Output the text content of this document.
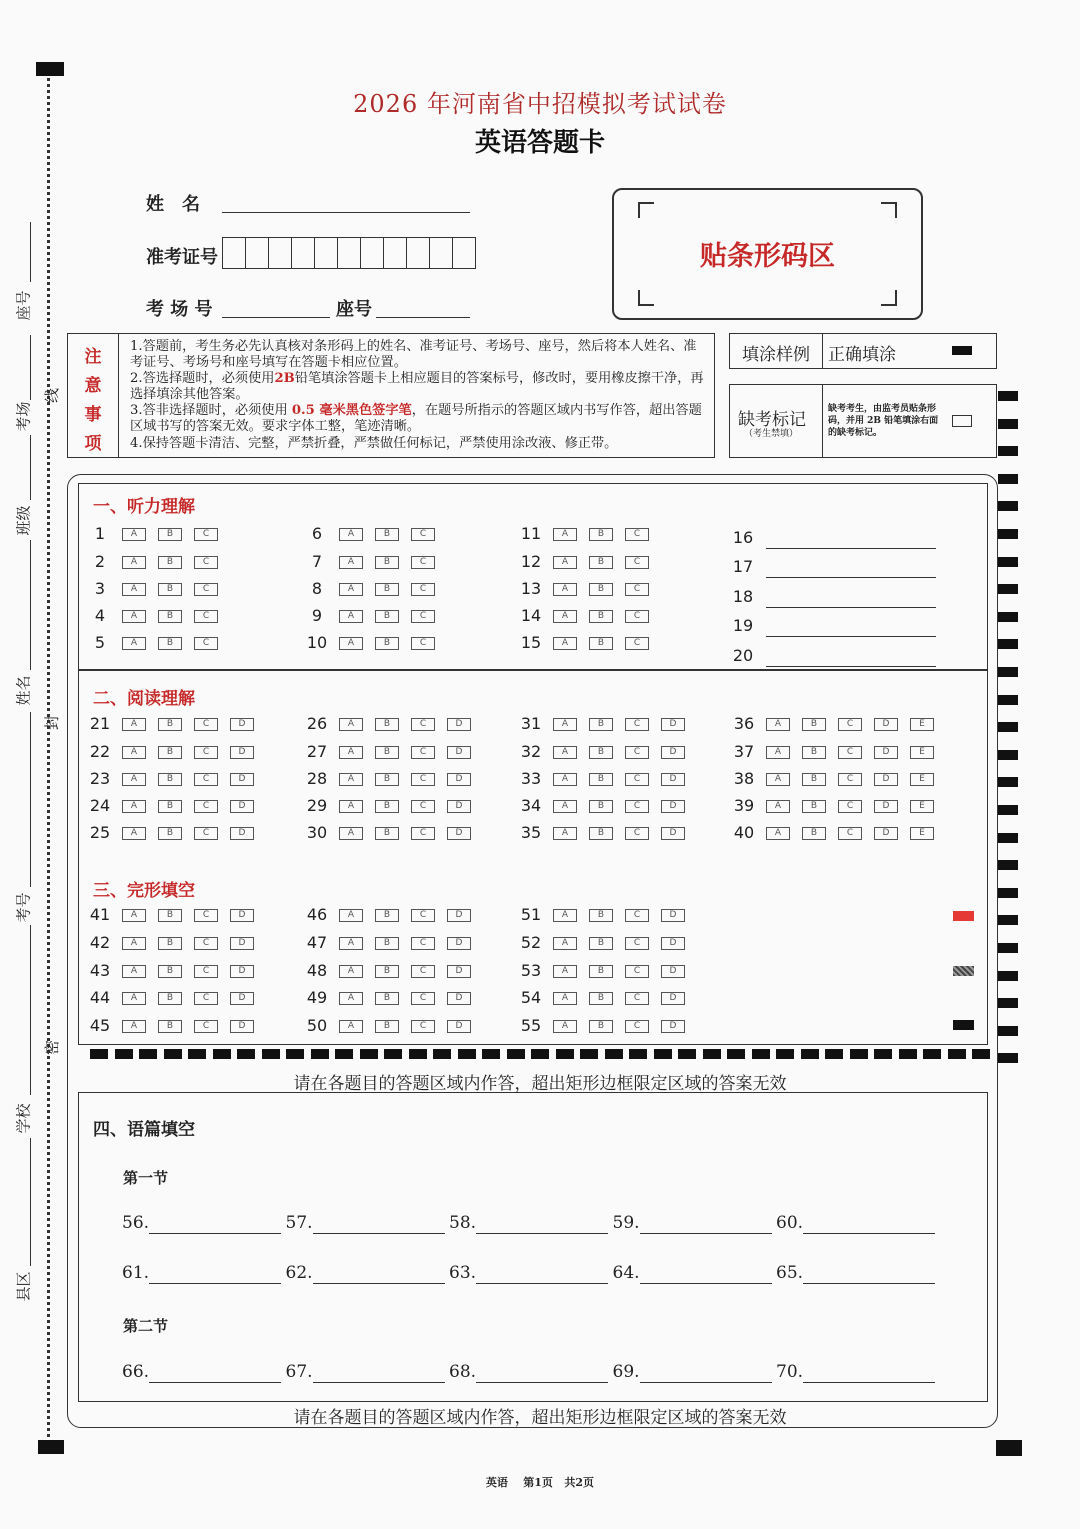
座号
考场
班级
姓名
考号
学校
县区
线
封
密
2026 年河南省中招模拟考试试卷
英语答题卡
姓　名
准考证号
考 场 号	座号
贴条形码区
注
意
事
项
1.答题前，考生务必先认真核对条形码上的姓名、准考证号、考场号、座号，然后将本人姓名、准考证号、考场号和座号填写在答题卡相应位置。
2.答选择题时，必须使用2B铅笔填涂答题卡上相应题目的答案标号，修改时，要用橡皮擦干净，再选择填涂其他答案。
3.答非选择题时，必须使用 0.5 毫米黑色签字笔，在题号所指示的答题区域内书写作答，超出答题区域书写的答案无效。要求字体工整，笔迹清晰。
4.保持答题卡清洁、完整，严禁折叠，严禁做任何标记，严禁使用涂改液、修正带。
填涂样例 正确填涂
缺考标记
（考生禁填）
缺考考生，由监考员贴条形码，并用 2B 铅笔填涂右面的缺考标记。
一、听力理解
二、阅读理解
三、完形填空
请在各题目的答题区域内作答，超出矩形边框限定区域的答案无效
四、语篇填空
第一节
第二节
56.	57.	58.	59.	60.
61.	62.	63.	64.	65.
66.	67.	68.	69.	70.
请在各题目的答题区域内作答，超出矩形边框限定区域的答案无效
英语 第1页 共2页
1	A	B	C
2	A	B	C
3	A	B	C
4	A	B	C
5	A	B	C
6	A	B	C
7	A	B	C
8	A	B	C
9	A	B	C
10	A	B	C
11	A	B	C
12	A	B	C
13	A	B	C
14	A	B	C
15	A	B	C
16
17
18
19
20
21	A	B	C	D
22	A	B	C	D
23	A	B	C	D
24	A	B	C	D
25	A	B	C	D
26	A	B	C	D
27	A	B	C	D
28	A	B	C	D
29	A	B	C	D
30	A	B	C	D
31	A	B	C	D
32	A	B	C	D
33	A	B	C	D
34	A	B	C	D
35	A	B	C	D
36	A	B	C	D	E
37	A	B	C	D	E
38	A	B	C	D	E
39	A	B	C	D	E
40	A	B	C	D	E
41	A	B	C	D
42	A	B	C	D
43	A	B	C	D
44	A	B	C	D
45	A	B	C	D
46	A	B	C	D
47	A	B	C	D
48	A	B	C	D
49	A	B	C	D
50	A	B	C	D
51	A	B	C	D
52	A	B	C	D
53	A	B	C	D
54	A	B	C	D
55	A	B	C	D
